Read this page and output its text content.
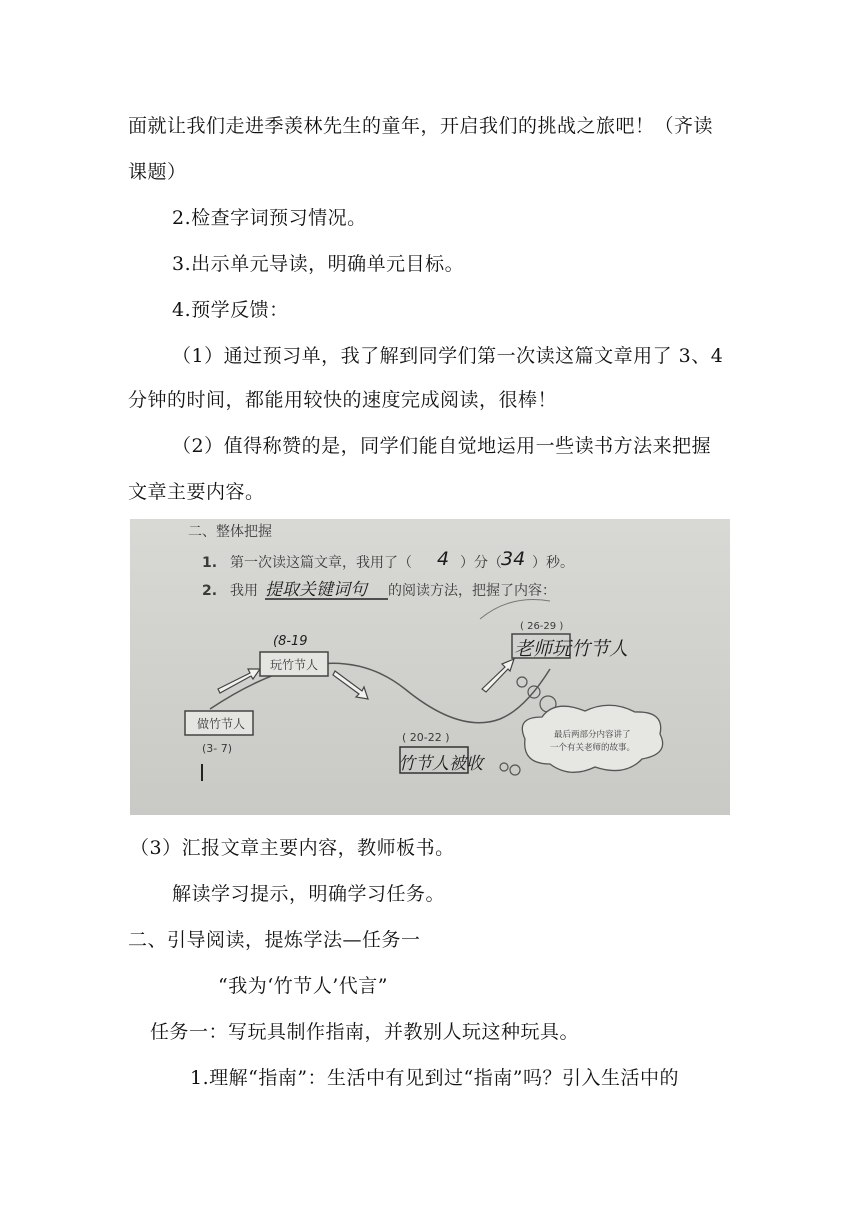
面就让我们走进季羡林先生的童年，开启我们的挑战之旅吧！（齐读
课题）
2.检查字词预习情况。
3.出示单元导读，明确单元目标。
4.预学反馈：
（1）通过预习单，我了解到同学们第一次读这篇文章用了 3、4
分钟的时间，都能用较快的速度完成阅读，很棒！
（2）值得称赞的是，同学们能自觉地运用一些读书方法来把握
文章主要内容。
二、整体把握
1. 第一次读这篇文章，我用了（ 4 ）分（ 34 ）秒。
2. 我用 提取关键词句 的阅读方法，把握了内容：
做竹节人
(3- 7)
(8-19
玩竹节人
( 20-22 )
竹节人被收
( 26-29 )
老师玩竹节人
最后两部分内容讲了
一个有关老师的故事。
（3）汇报文章主要内容，教师板书。
解读学习提示，明确学习任务。
二、引导阅读，提炼学法—任务一
“我为‘竹节人’代言”
任务一：写玩具制作指南，并教别人玩这种玩具。
1.理解“指南”：生活中有见到过“指南”吗？引入生活中的
